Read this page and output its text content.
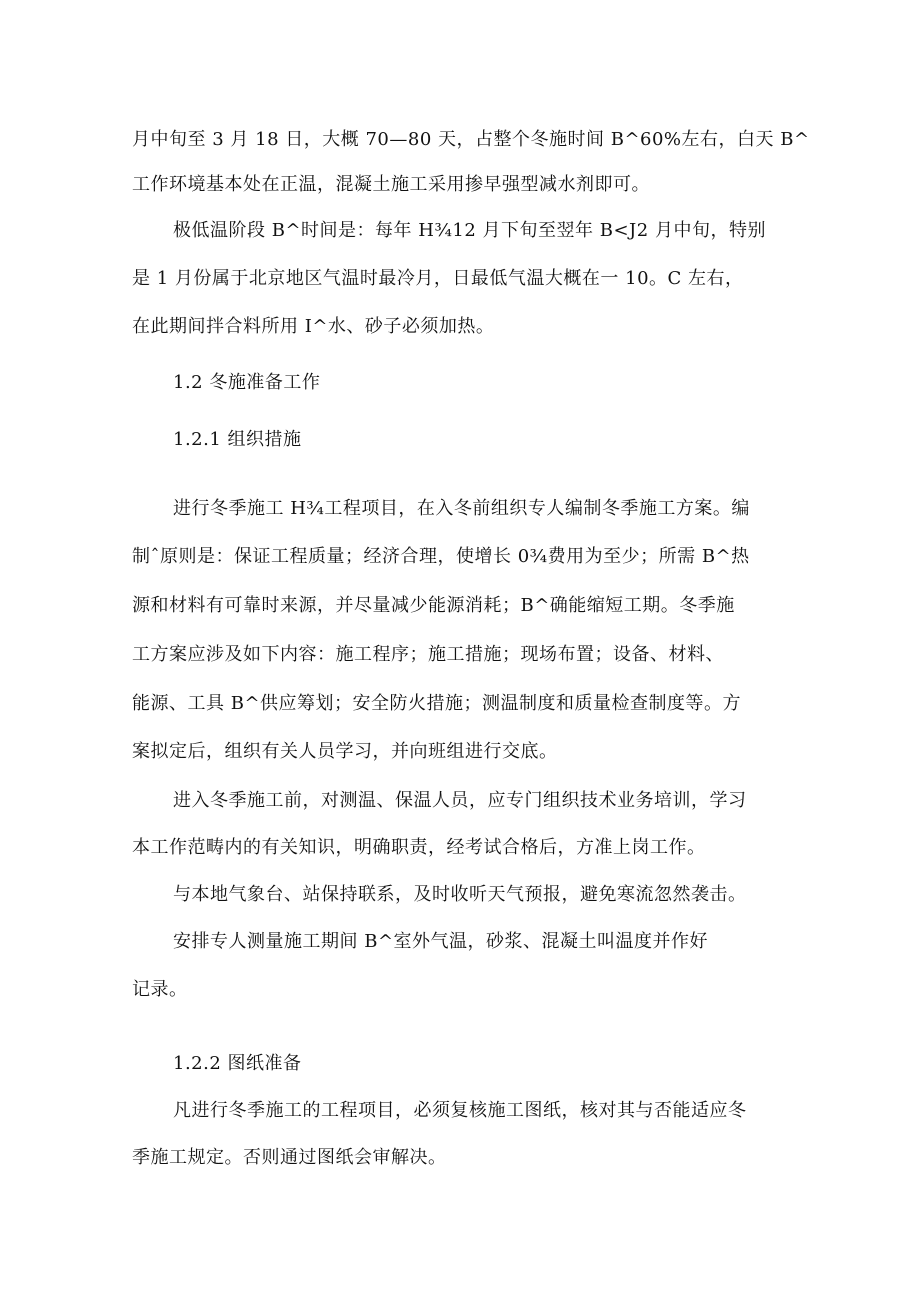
月中旬至 3 月 18 日，大概 70—80 天，占整个冬施时间 B^60%左右，白天 B^
工作环境基本处在正温，混凝土施工采用掺早强型减水剂即可。
极低温阶段 B^时间是：每年 H¾12 月下旬至翌年 B<J2 月中旬，特别
是 1 月份属于北京地区气温时最冷月，日最低气温大概在一 10。C 左右，
在此期间拌合料所用 I^水、砂子必须加热。
1.2 冬施准备工作
1.2.1 组织措施
进行冬季施工 H¾工程项目，在入冬前组织专人编制冬季施工方案。编
制ˆ原则是：保证工程质量；经济合理，使增长 0¾费用为至少；所需 B^热
源和材料有可靠时来源，并尽量减少能源消耗；B^确能缩短工期。冬季施
工方案应涉及如下内容：施工程序；施工措施；现场布置；设备、材料、
能源、工具 B^供应筹划；安全防火措施；测温制度和质量检查制度等。方
案拟定后，组织有关人员学习，并向班组进行交底。
进入冬季施工前，对测温、保温人员，应专门组织技术业务培训，学习
本工作范畴内的有关知识，明确职责，经考试合格后，方准上岗工作。
与本地气象台、站保持联系，及时收听天气预报，避免寒流忽然袭击。
安排专人测量施工期间 B^室外气温，砂浆、混凝土叫温度并作好
记录。
1.2.2 图纸准备
凡进行冬季施工的工程项目，必须复核施工图纸，核对其与否能适应冬
季施工规定。否则通过图纸会审解决。
